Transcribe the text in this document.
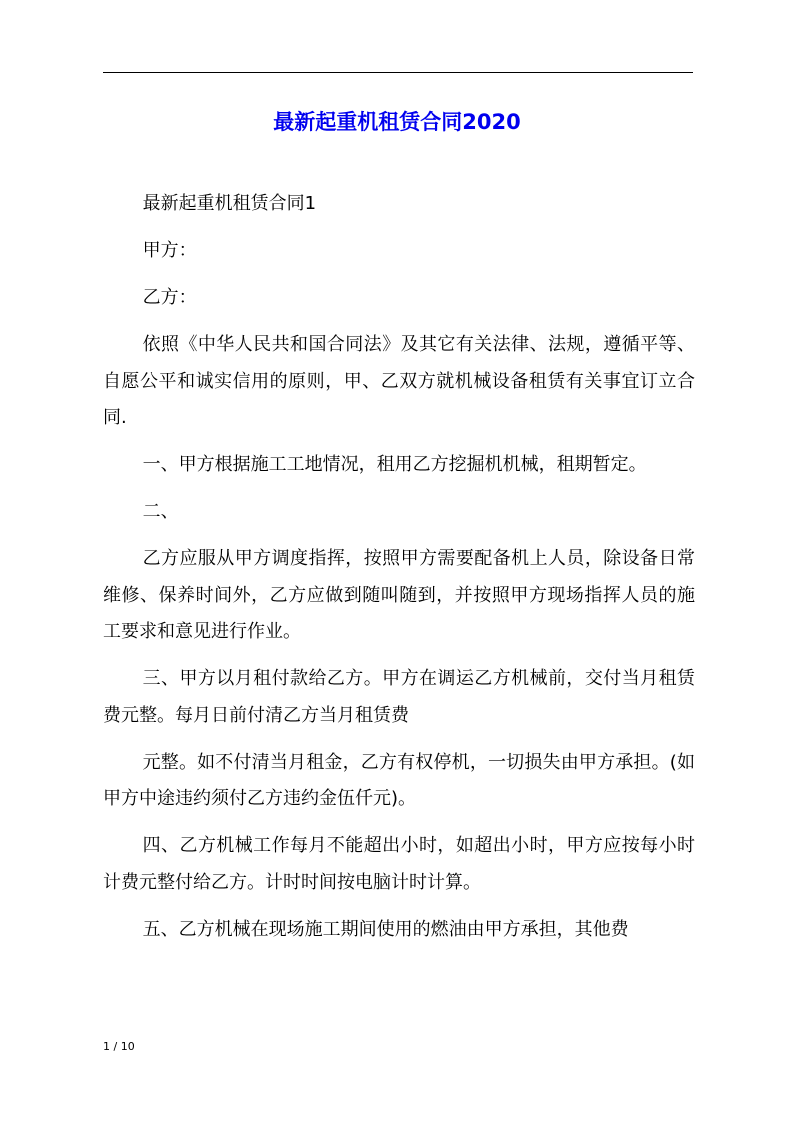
最新起重机租赁合同2020

最新起重机租赁合同1

甲方：

乙方：

依照《中华人民共和国合同法》及其它有关法律、法规，遵循平等、自愿公平和诚实信用的原则，甲、乙双方就机械设备租赁有关事宜订立合同.

一、甲方根据施工工地情况，租用乙方挖掘机机械，租期暂定。

二、

乙方应服从甲方调度指挥，按照甲方需要配备机上人员，除设备日常维修、保养时间外，乙方应做到随叫随到，并按照甲方现场指挥人员的施工要求和意见进行作业。

三、甲方以月租付款给乙方。甲方在调运乙方机械前，交付当月租赁费元整。每月日前付清乙方当月租赁费

元整。如不付清当月租金，乙方有权停机，一切损失由甲方承担。(如甲方中途违约须付乙方违约金伍仟元)。

四、乙方机械工作每月不能超出小时，如超出小时，甲方应按每小时计费元整付给乙方。计时时间按电脑计时计算。

五、乙方机械在现场施工期间使用的燃油由甲方承担，其他费

1 / 10
